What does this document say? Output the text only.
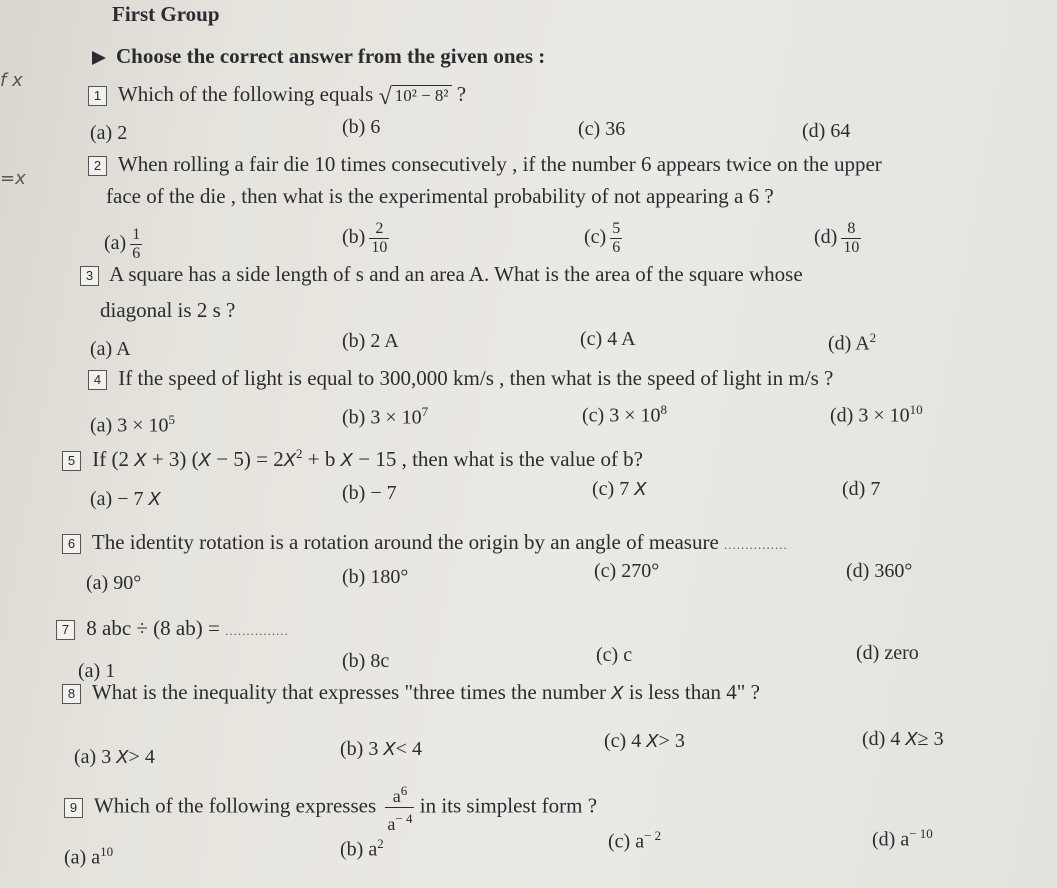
First Group
Choose the correct answer from the given ones :
f x
=x
1 Which of the following equals √ 10² − 8² ?
(a) 2	(b) 6	(c) 36	(d) 64
2 When rolling a fair die 10 times consecutively , if the number 6 appears twice on the upper
face of the die , then what is the experimental probability of not appearing a 6 ?
$(a) \frac{1}{6}$	$(b) \frac{2}{10}$	$(c) \frac{5}{6}$	$(d) \frac{8}{10}$
3 A square has a side length of s and an area A. What is the area of the square whose
diagonal is 2 s ?
(a) A	(b) 2 A	(c) 4 A	(d) $A^2$
4 If the speed of light is equal to 300,000 km/s , then what is the speed of light in m/s ?
(a) $3 \times 10^5$	(b) $3 \times 10^7$	(c) $3 \times 10^8$	(d) $3 \times 10^{10}$
5 If (2 X + 3) $(X - 5) = 2X^2 + b$ X − 15 , then what is the value of b?
(a) − 7 X	(b) − 7	(c) 7 X	(d) 7
6 The identity rotation is a rotation around the origin by an angle of measure ...............
(a) 90°	(b) 180°	(c) 270°	(d) 360°
7 8 abc ÷ (8 ab) = ...............
(a) 1	(b) 8c	(c) c	(d) zero
8 What is the inequality that expresses "three times the number X is less than 4" ?
(a) 3 X> 4	(b) 3 X< 4	(c) 4 X> 3	(d) 4 X≥ 3
9 Which of the following expresses $\frac{a^6}{a^{- 4}}$ in its simplest form ?
(a) $a^{10}$	(b) $a^2$	(c) $a^{- 2}$	(d) $a^{- 10}$
